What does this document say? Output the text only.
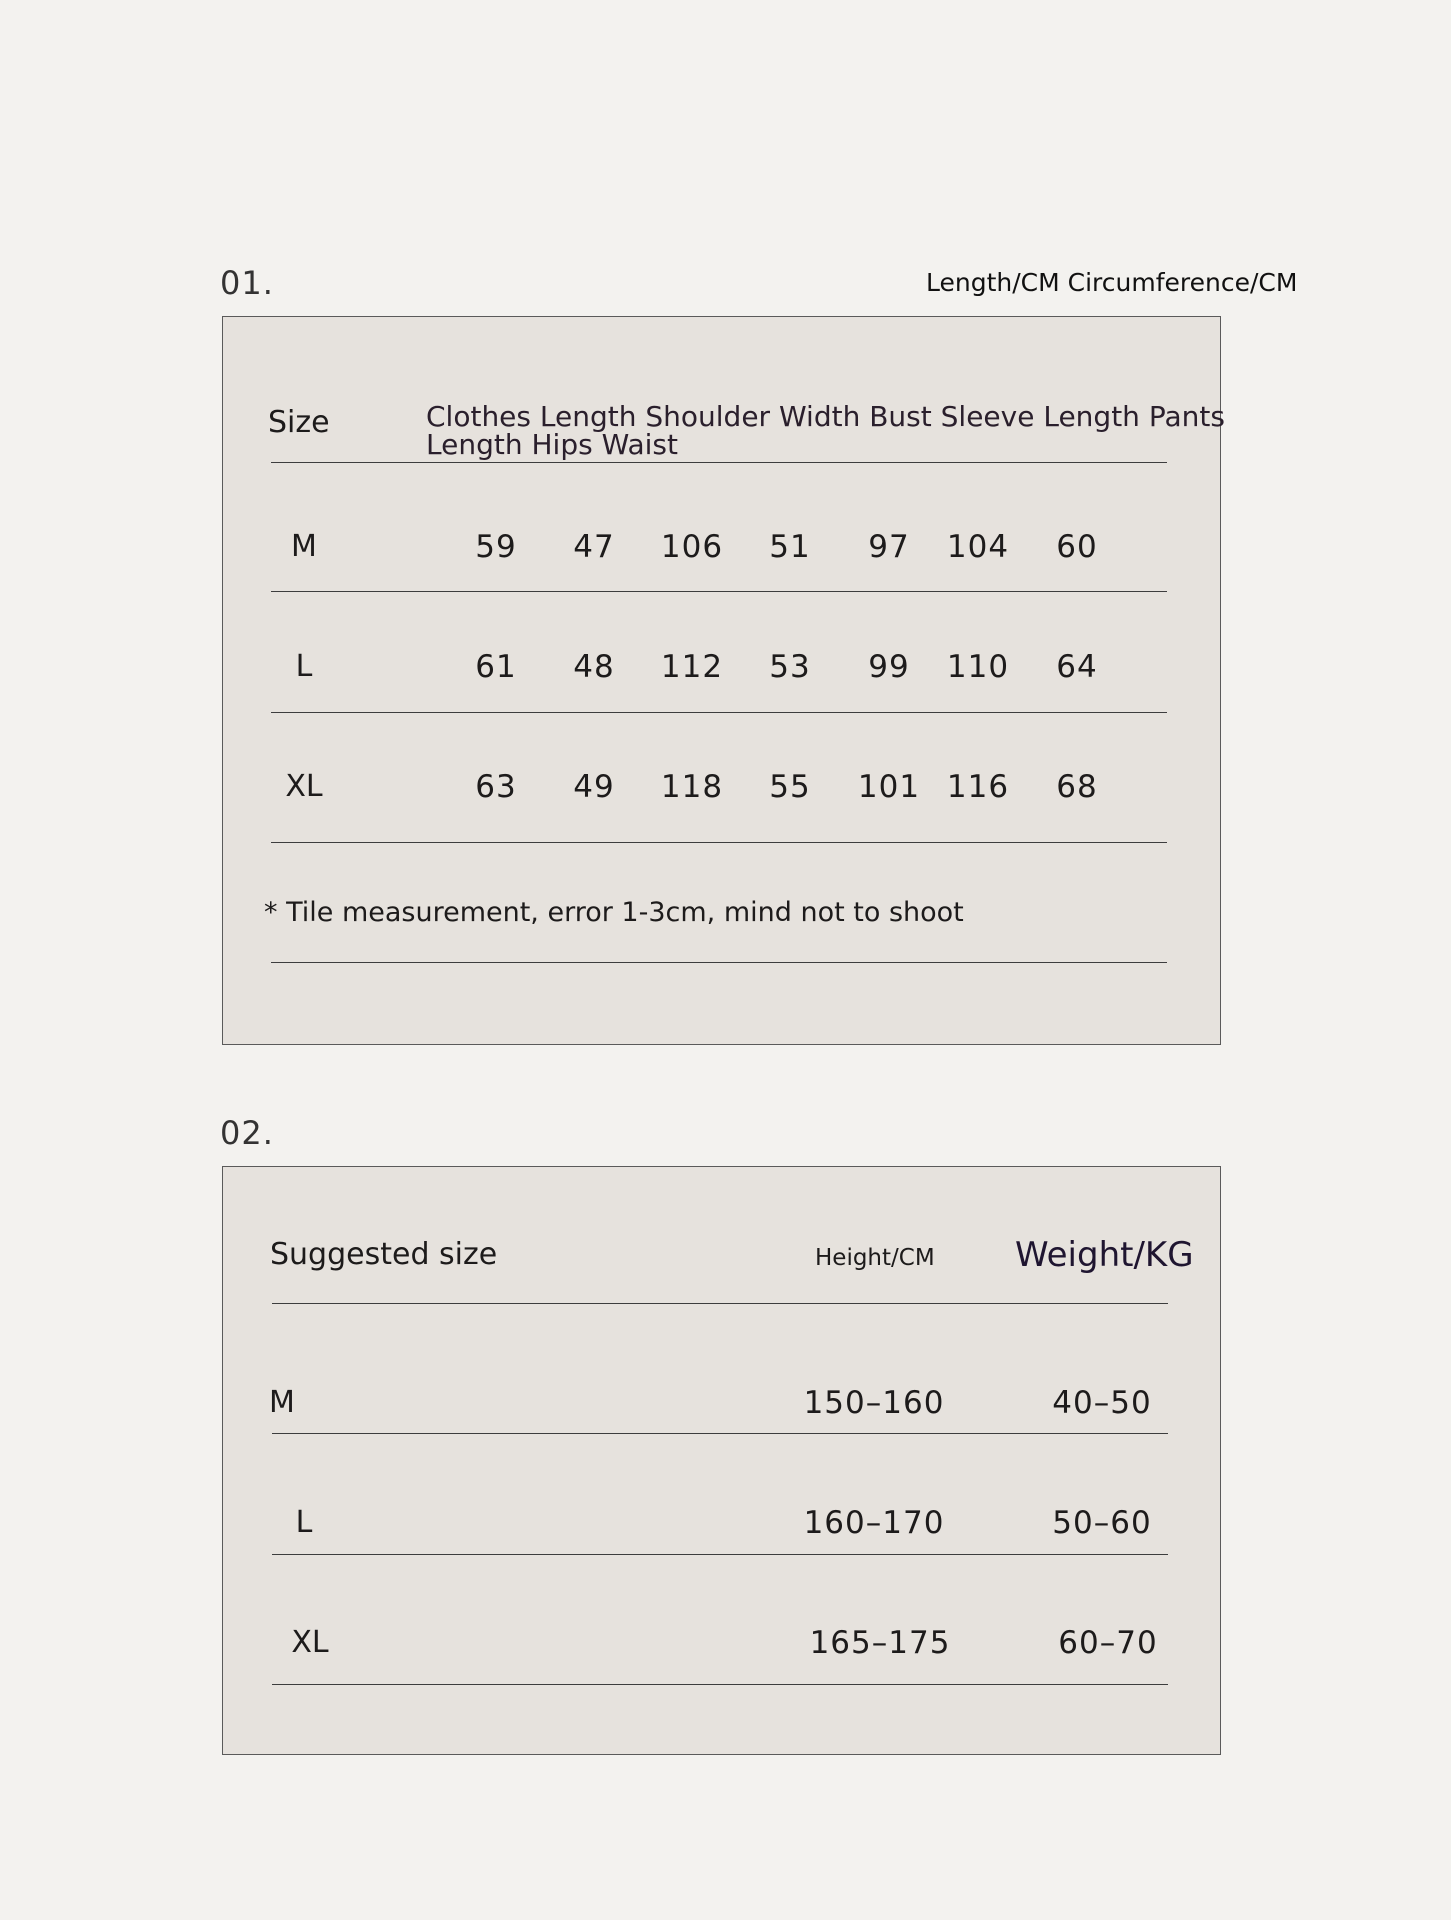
01.	Length/CM Circumference/CM
Size	Clothes Length Shoulder Width Bust Sleeve Length Pants Length Hips Waist
M	59 47 106 51 97 104 60
L	61 48 112 53 99 110 64
XL	63 49 118 55 101 116 68
* Tile measurement, error 1-3cm, mind not to shoot
02.
Suggested size	Height/CM Weight/KG
M	150–160	40–50
L	160–170	50–60
XL	165–175	60–70
